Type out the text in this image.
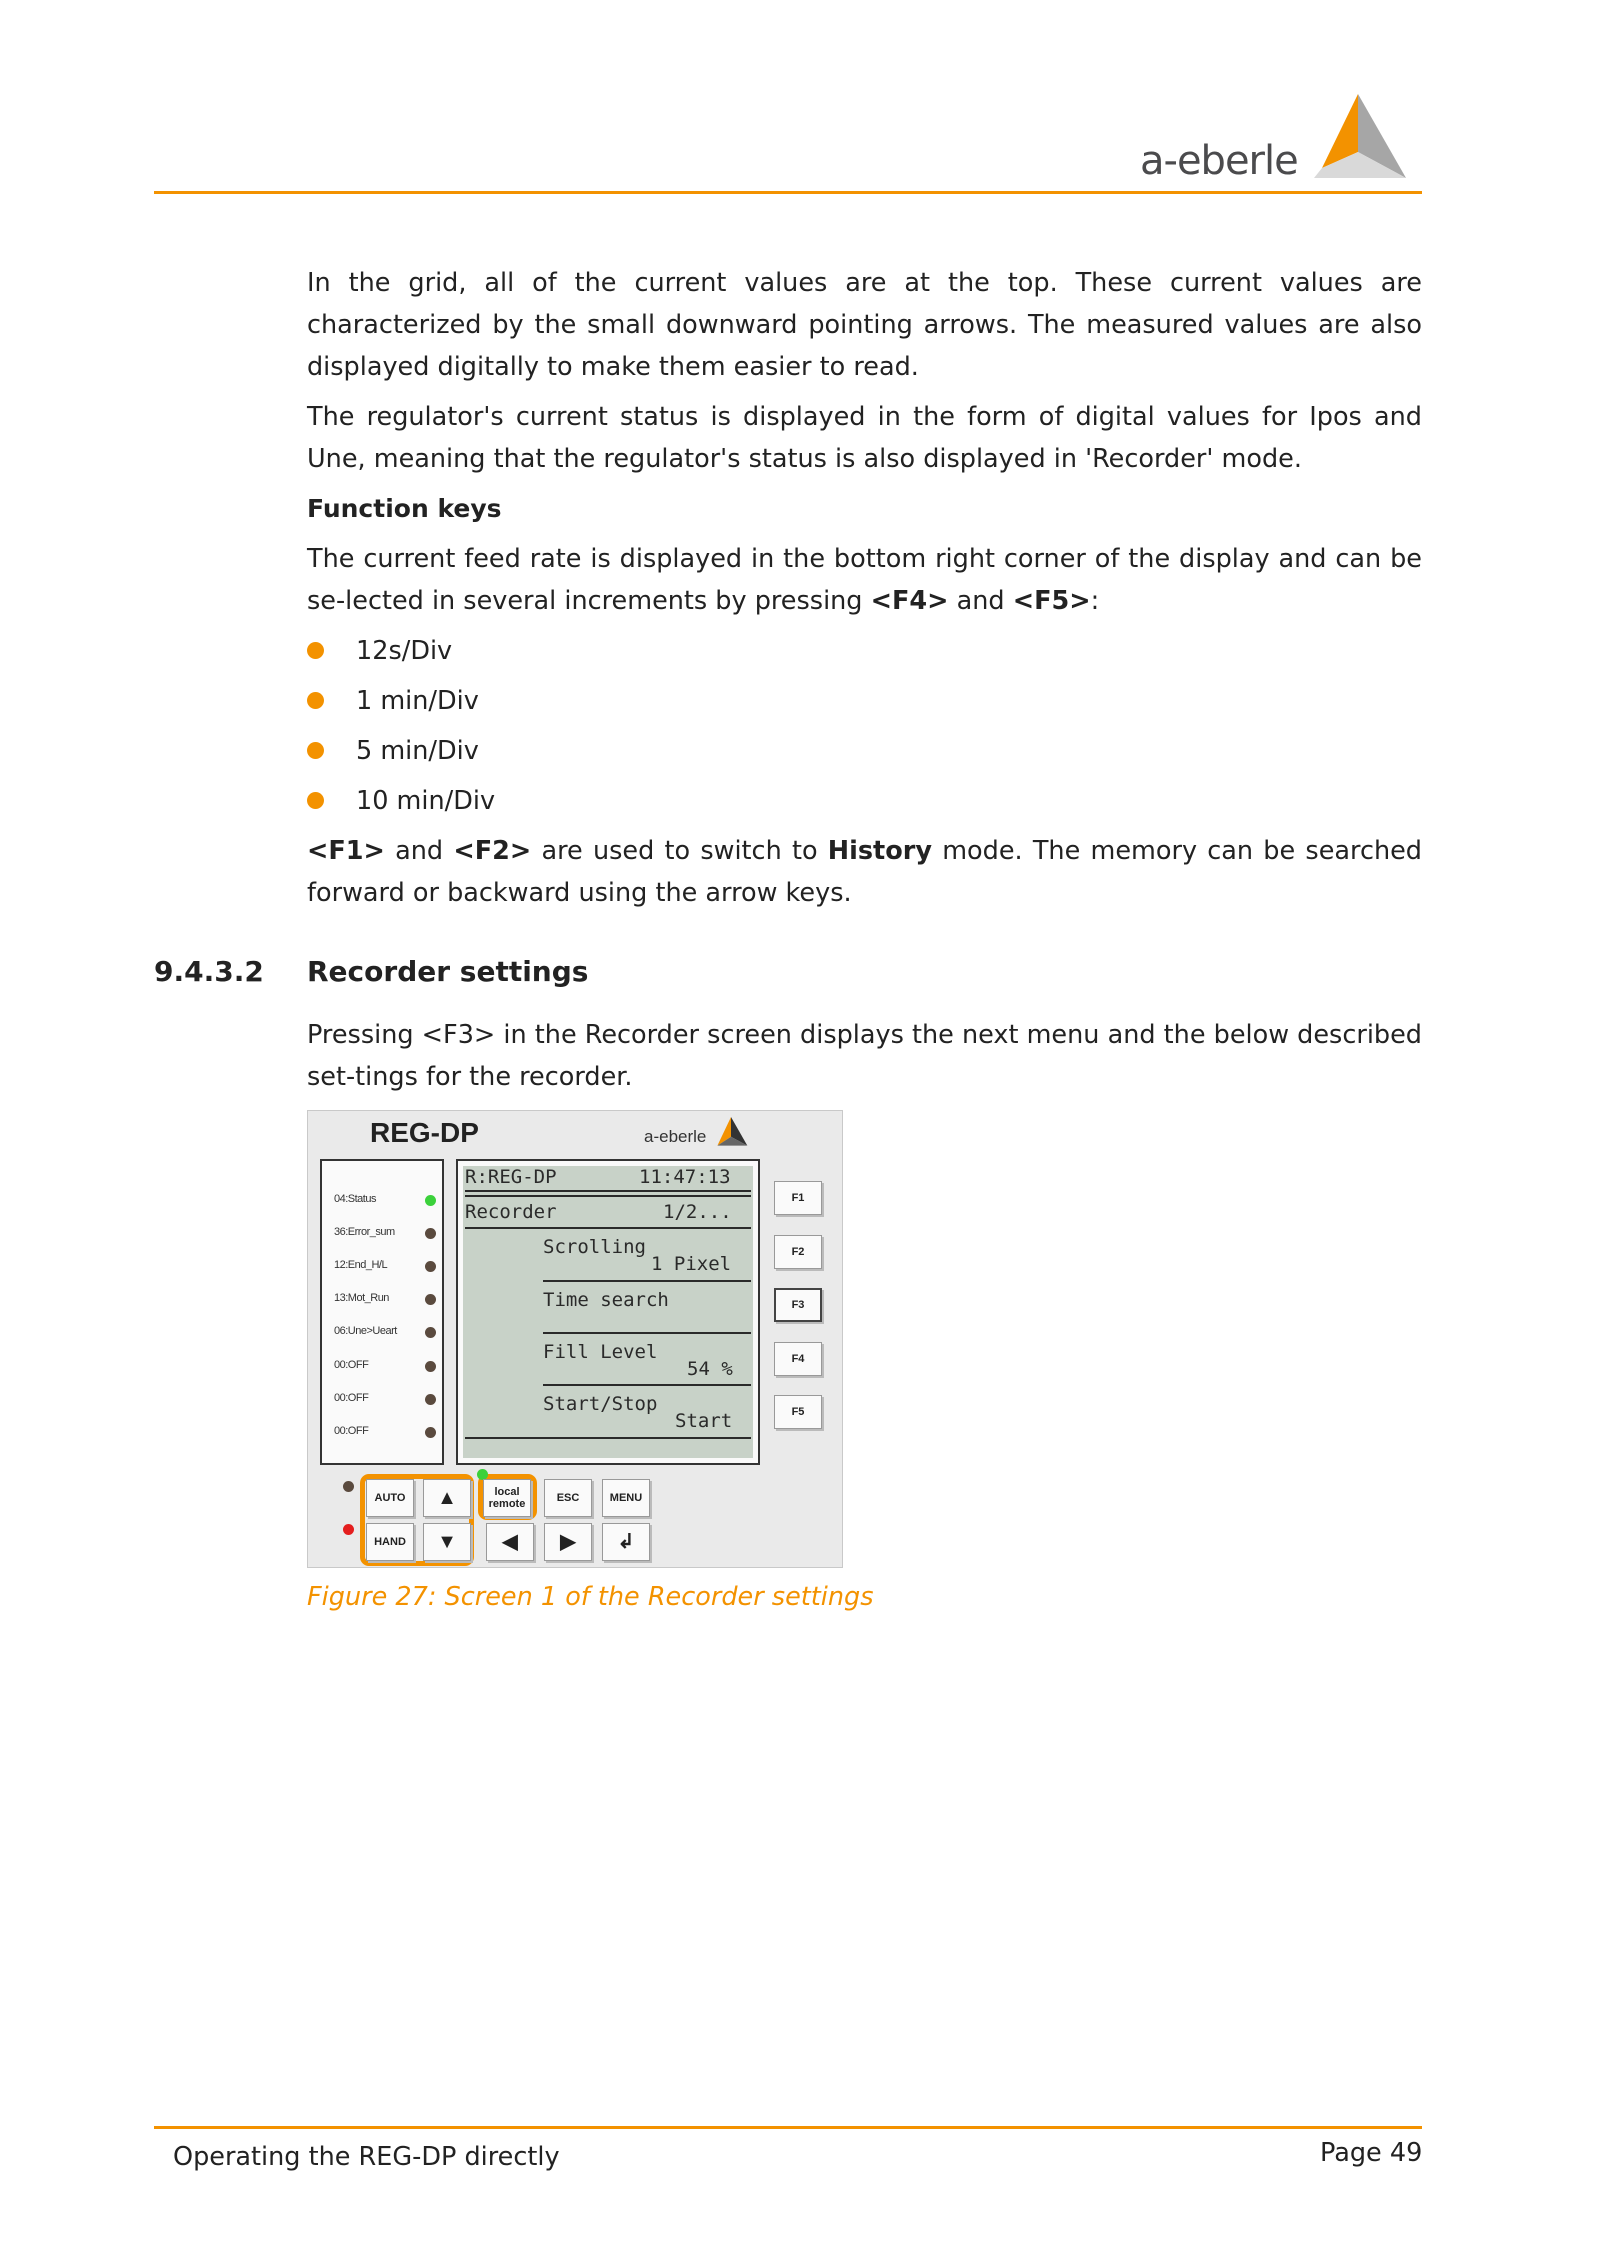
a-eberle

In the grid, all of the current values are at the top. These current values are characterized by the small downward pointing arrows. The measured values are also displayed digitally to make them easier to read.

The regulator's current status is displayed in the form of digital values for Ipos and Une, meaning that the regulator's status is also displayed in 'Recorder' mode.

Function keys

The current feed rate is displayed in the bottom right corner of the display and can be se-lected in several increments by pressing <F4> and <F5>:

12s/Div
1 min/Div
5 min/Div
10 min/Div

<F1> and <F2> are used to switch to History mode. The memory can be searched forward or backward using the arrow keys.

9.4.3.2 Recorder settings

Pressing <F3> in the Recorder screen displays the next menu and the below described set-tings for the recorder.

REG-DP	a-eberle
04:Status
36:Error_sum
12:End_H/L
13:Mot_Run
06:Une>Ueart
00:OFF
00:OFF
00:OFF
R:REG-DP	11:47:13
Recorder	1/2...
Scrolling
1 Pixel
Time search
Fill Level
54 %
Start/Stop
Start
F1
F2
F3
F4
F5
AUTO	▲
HAND	▼
local
remote	ESC	MENU
◀	▶	↲
Figure 27: Screen 1 of the Recorder settings
Operating the REG-DP directly	Page 49
